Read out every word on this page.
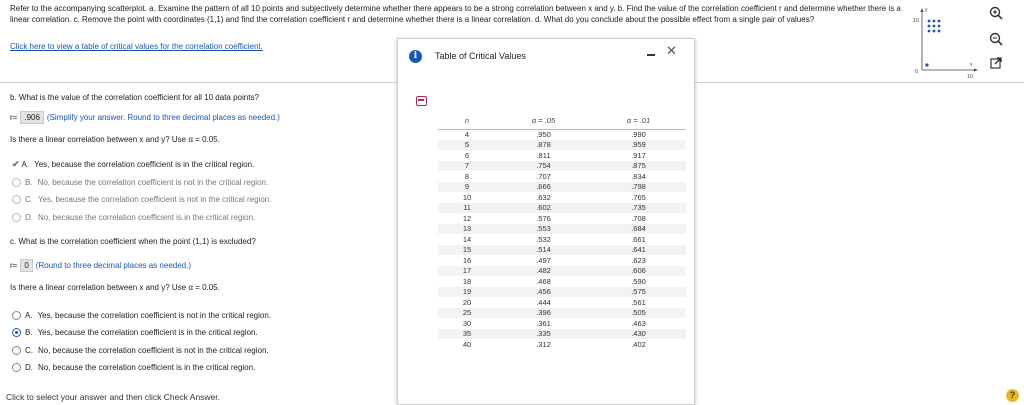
Refer to the accompanying scatterplot. a. Examine the pattern of all 10 points and subjectively determine whether there appears to be a strong correlation between x and y. b. Find the value of the correlation coefficient r and determine whether there is a linear correlation. c. Remove the point with coordinates (1,1) and find the correlation coefficient r and determine whether there is a linear correlation. d. What do you conclude about the possible effect from a single pair of values?
Click here to view a table of critical values for the correlation coefficient.
y
x
10
10
0
b. What is the value of the correlation coefficient for all 10 data points?
r= .906 (Simplify your answer. Round to three decimal places as needed.)
Is there a linear correlation between x and y? Use α = 0.05.
✔ A. Yes, because the correlation coefficient is in the critical region.
B. No, because the correlation coefficient is not in the critical region.
C. Yes, because the correlation coefficient is not in the critical region.
D. No, because the correlation coefficient is in the critical region.
c. What is the correlation coefficient when the point (1,1) is excluded?
r= 0 (Round to three decimal places as needed.)
Is there a linear correlation between x and y? Use α = 0.05.
A. Yes, because the correlation coefficient is not in the critical region.
B. Yes, because the correlation coefficient is in the critical region.
C. No, because the correlation coefficient is not in the critical region.
D. No, because the correlation coefficient is in the critical region.
Click to select your answer and then click Check Answer.
i	Table of Critical Values	✕
n	α = .05	α = .01
4	.950	.990
5	.878	.959
6	.811	.917
7	.754	.875
8	.707	.834
9	.666	.798
10	.632	.765
11	.602	.735
12	.576	.708
13	.553	.684
14	.532	.661
15	.514	.641
16	.497	.623
17	.482	.606
18	.468	.590
19	.456	.575
20	.444	.561
25	.396	.505
30	.361	.463
35	.335	.430
40	.312	.402
?
